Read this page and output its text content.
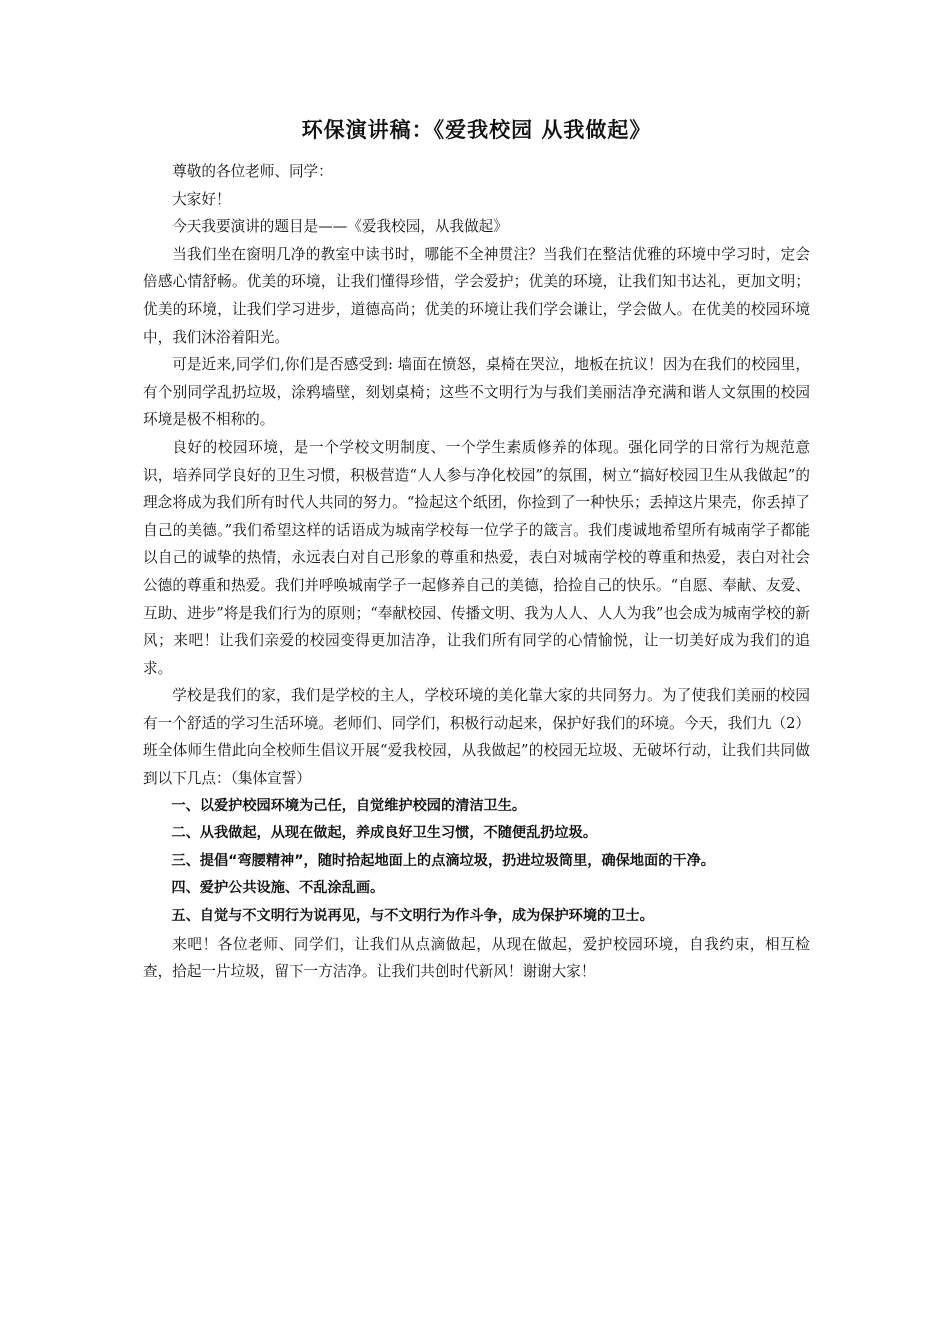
环保演讲稿：《爱我校园 从我做起》

尊敬的各位老师、同学：

大家好！

今天我要演讲的题目是——《爱我校园，从我做起》

当我们坐在窗明几净的教室中读书时，哪能不全神贯注？当我们在整洁优雅的环境中学习时，定会倍感心情舒畅。优美的环境，让我们懂得珍惜，学会爱护；优美的环境，让我们知书达礼，更加文明；优美的环境，让我们学习进步，道德高尚；优美的环境让我们学会谦让，学会做人。在优美的校园环境中，我们沐浴着阳光。

可是近来,同学们,你们是否感受到: 墙面在愤怒，桌椅在哭泣，地板在抗议！因为在我们的校园里，有个别同学乱扔垃圾，涂鸦墙壁，刻划桌椅；这些不文明行为与我们美丽洁净充满和谐人文氛围的校园环境是极不相称的。

良好的校园环境，是一个学校文明制度、一个学生素质修养的体现。强化同学的日常行为规范意识，培养同学良好的卫生习惯，积极营造“人人参与净化校园”的氛围，树立“搞好校园卫生从我做起”的理念将成为我们所有时代人共同的努力。“捡起这个纸团，你捡到了一种快乐；丢掉这片果壳，你丢掉了自己的美德。”我们希望这样的话语成为城南学校每一位学子的箴言。我们虔诚地希望所有城南学子都能以自己的诚挚的热情，永远表白对自己形象的尊重和热爱，表白对城南学校的尊重和热爱，表白对社会公德的尊重和热爱。我们并呼唤城南学子一起修养自己的美德，拾捡自己的快乐。“自愿、奉献、友爱、互助、进步”将是我们行为的原则；“奉献校园、传播文明、我为人人、人人为我”也会成为城南学校的新风；来吧！让我们亲爱的校园变得更加洁净，让我们所有同学的心情愉悦，让一切美好成为我们的追求。

学校是我们的家，我们是学校的主人，学校环境的美化靠大家的共同努力。为了使我们美丽的校园有一个舒适的学习生活环境。老师们、同学们，积极行动起来，保护好我们的环境。今天，我们九（2）班全体师生借此向全校师生倡议开展“爱我校园，从我做起”的校园无垃圾、无破坏行动，让我们共同做到以下几点：（集体宣誓）

一、以爱护校园环境为己任，自觉维护校园的清洁卫生。

二、从我做起，从现在做起，养成良好卫生习惯，不随便乱扔垃圾。

三、提倡“弯腰精神”，随时拾起地面上的点滴垃圾，扔进垃圾筒里，确保地面的干净。

四、爱护公共设施、不乱涂乱画。

五、自觉与不文明行为说再见，与不文明行为作斗争，成为保护环境的卫士。

来吧！各位老师、同学们，让我们从点滴做起，从现在做起，爱护校园环境，自我约束，相互检查，拾起一片垃圾，留下一方洁净。让我们共创时代新风！谢谢大家！
